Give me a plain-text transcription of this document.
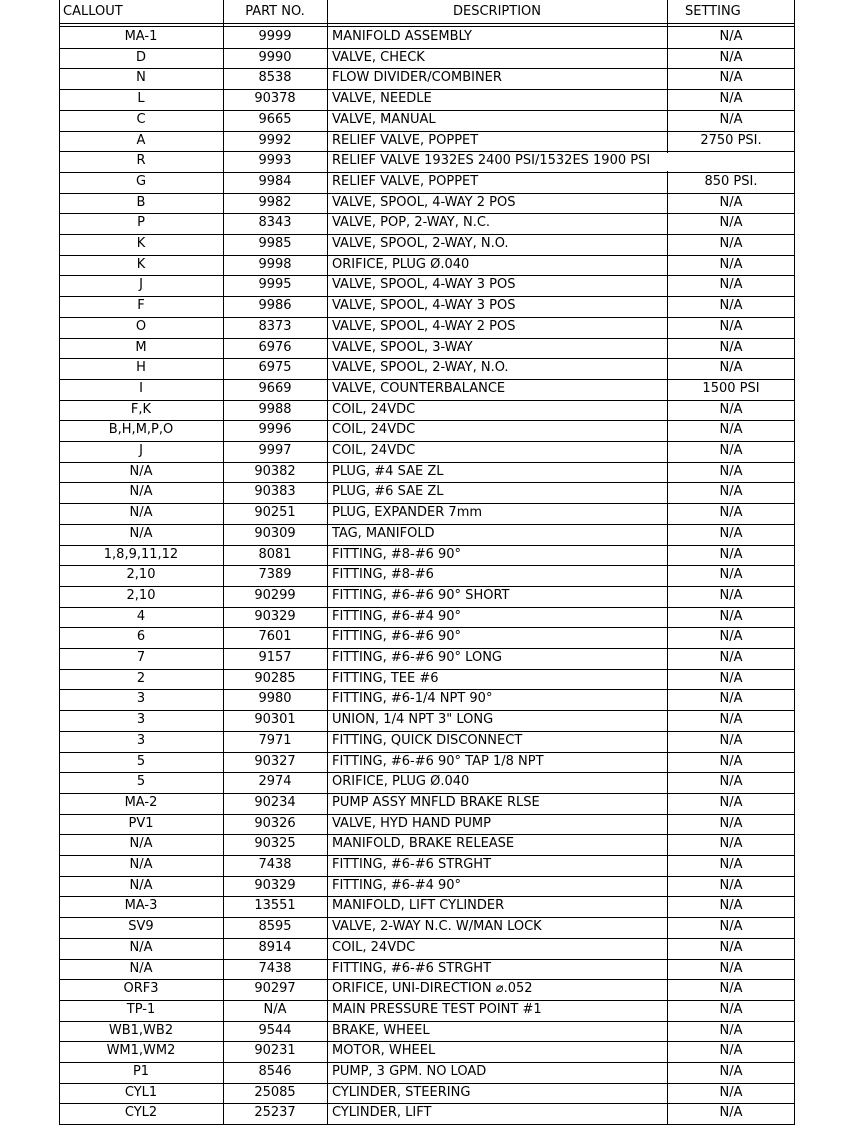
CALLOUT	PART NO.	DESCRIPTION	SETTING
MA-1	9999	MANIFOLD ASSEMBLY	N/A
D	9990	VALVE, CHECK	N/A
N	8538	FLOW DIVIDER/COMBINER	N/A
L	90378	VALVE, NEEDLE	N/A
C	9665	VALVE, MANUAL	N/A
A	9992	RELIEF VALVE, POPPET	2750 PSI.
R	9993	RELIEF VALVE 1932ES 2400 PSI/1532ES 1900 PSI
G	9984	RELIEF VALVE, POPPET	850 PSI.
B	9982	VALVE, SPOOL, 4-WAY 2 POS	N/A
P	8343	VALVE, POP, 2-WAY, N.C.	N/A
K	9985	VALVE, SPOOL, 2-WAY, N.O.	N/A
K	9998	ORIFICE, PLUG Ø.040	N/A
J	9995	VALVE, SPOOL, 4-WAY 3 POS	N/A
F	9986	VALVE, SPOOL, 4-WAY 3 POS	N/A
O	8373	VALVE, SPOOL, 4-WAY 2 POS	N/A
M	6976	VALVE, SPOOL, 3-WAY	N/A
H	6975	VALVE, SPOOL, 2-WAY, N.O.	N/A
I	9669	VALVE, COUNTERBALANCE	1500 PSI
F,K	9988	COIL, 24VDC	N/A
B,H,M,P,O	9996	COIL, 24VDC	N/A
J	9997	COIL, 24VDC	N/A
N/A	90382	PLUG, #4 SAE ZL	N/A
N/A	90383	PLUG, #6 SAE ZL	N/A
N/A	90251	PLUG, EXPANDER 7mm	N/A
N/A	90309	TAG, MANIFOLD	N/A
1,8,9,11,12	8081	FITTING, #8-#6 90°	N/A
2,10	7389	FITTING, #8-#6	N/A
2,10	90299	FITTING, #6-#6 90° SHORT	N/A
4	90329	FITTING, #6-#4 90°	N/A
6	7601	FITTING, #6-#6 90°	N/A
7	9157	FITTING, #6-#6 90° LONG	N/A
2	90285	FITTING, TEE #6	N/A
3	9980	FITTING, #6-1/4 NPT 90°	N/A
3	90301	UNION, 1/4 NPT 3" LONG	N/A
3	7971	FITTING, QUICK DISCONNECT	N/A
5	90327	FITTING, #6-#6 90° TAP 1/8 NPT	N/A
5	2974	ORIFICE, PLUG Ø.040	N/A
MA-2	90234	PUMP ASSY MNFLD BRAKE RLSE	N/A
PV1	90326	VALVE, HYD HAND PUMP	N/A
N/A	90325	MANIFOLD, BRAKE RELEASE	N/A
N/A	7438	FITTING, #6-#6 STRGHT	N/A
N/A	90329	FITTING, #6-#4 90°	N/A
MA-3	13551	MANIFOLD, LIFT CYLINDER	N/A
SV9	8595	VALVE, 2-WAY N.C. W/MAN LOCK	N/A
N/A	8914	COIL, 24VDC	N/A
N/A	7438	FITTING, #6-#6 STRGHT	N/A
ORF3	90297	ORIFICE, UNI-DIRECTION ⌀.052	N/A
TP-1	N/A	MAIN PRESSURE TEST POINT #1	N/A
WB1,WB2	9544	BRAKE, WHEEL	N/A
WM1,WM2	90231	MOTOR, WHEEL	N/A
P1	8546	PUMP, 3 GPM. NO LOAD	N/A
CYL1	25085	CYLINDER, STEERING	N/A
CYL2	25237	CYLINDER, LIFT	N/A
